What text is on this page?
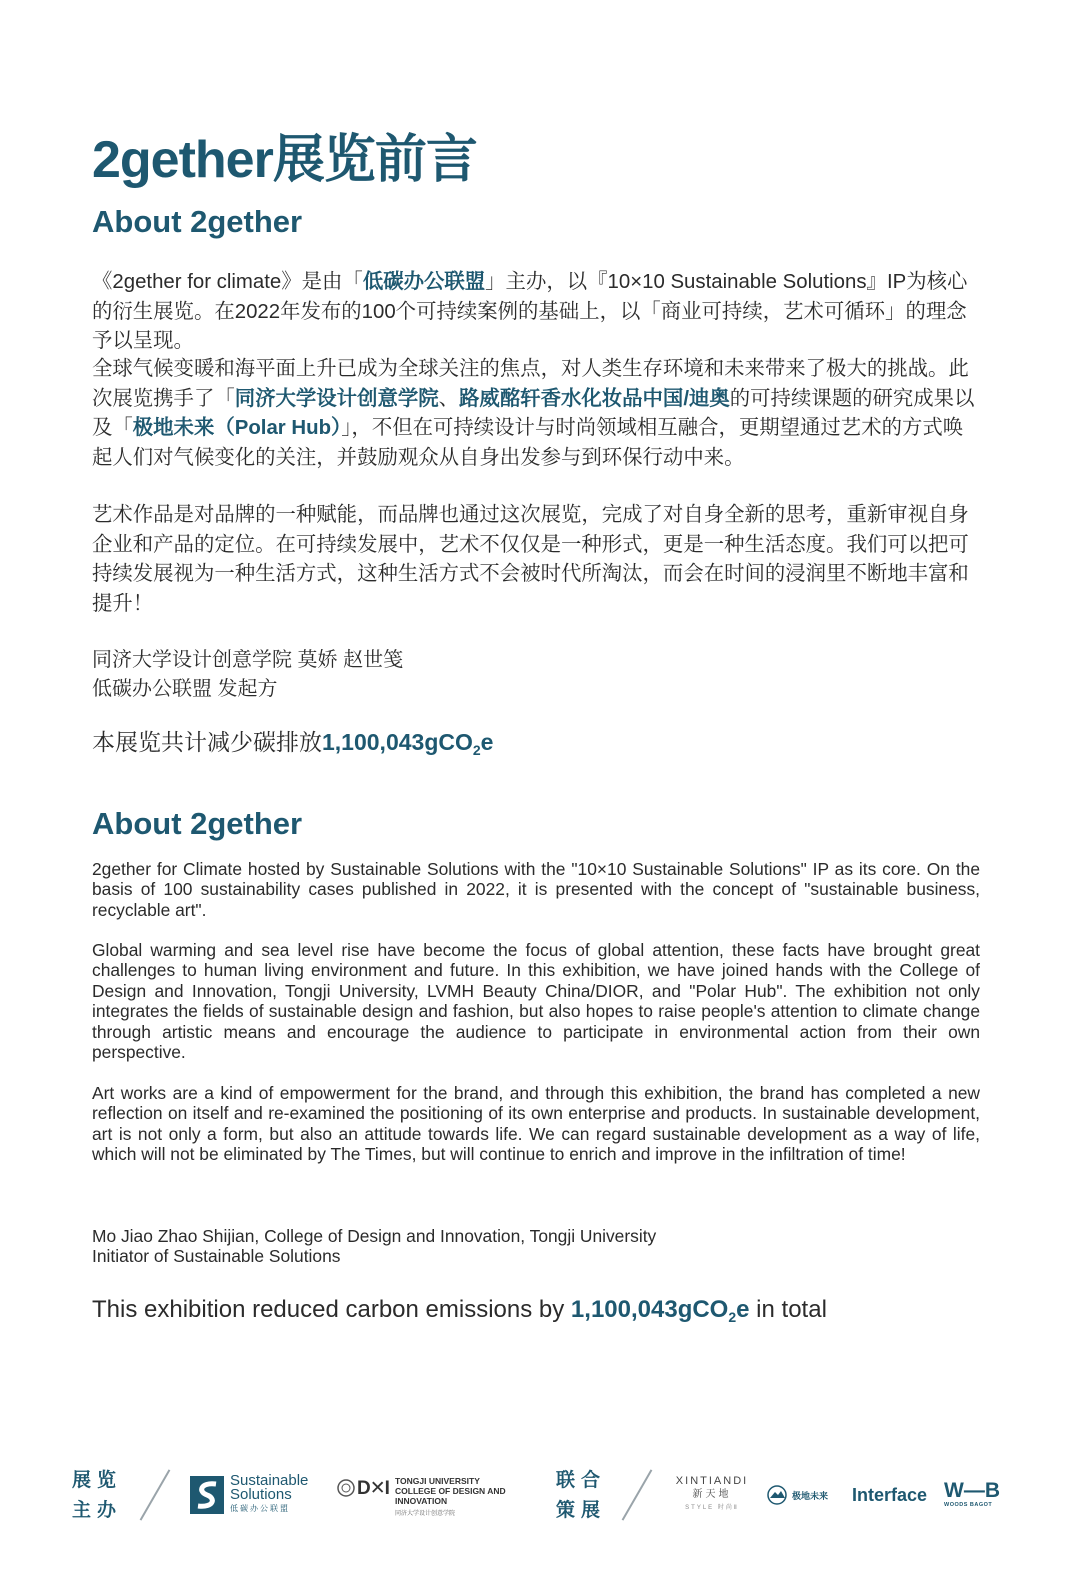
2gether展览前言
About 2gether

《2gether for climate》是由「低碳办公联盟」主办，以『10×10 Sustainable Solutions』IP为核心的衍生展览。在2022年发布的100个可持续案例的基础上，以「商业可持续，艺术可循环」的理念予以呈现。

全球气候变暖和海平面上升已成为全球关注的焦点，对人类生存环境和未来带来了极大的挑战。此次展览携手了「同济大学设计创意学院、路威酩轩香水化妆品中国/迪奥的可持续课题的研究成果以及「极地未来（Polar Hub）」，不但在可持续设计与时尚领域相互融合，更期望通过艺术的方式唤起人们对气候变化的关注，并鼓励观众从自身出发参与到环保行动中来。

艺术作品是对品牌的一种赋能，而品牌也通过这次展览，完成了对自身全新的思考，重新审视自身企业和产品的定位。在可持续发展中，艺术不仅仅是一种形式，更是一种生活态度。我们可以把可持续发展视为一种生活方式，这种生活方式不会被时代所淘汰，而会在时间的浸润里不断地丰富和提升！

同济大学设计创意学院 莫娇 赵世笺

低碳办公联盟 发起方

本展览共计减少碳排放1,100,043gCO$_2$e

About 2gether

2gether for Climate hosted by Sustainable Solutions with the "10×10 Sustainable Solutions" IP as its core. On the basis of 100 sustainability cases published in 2022, it is presented with the concept of "sustainable business, recyclable art".

Global warming and sea level rise have become the focus of global attention, these facts have brought great challenges to human living environment and future. In this exhibition, we have joined hands with the College of Design and Innovation, Tongji University, LVMH Beauty China/DIOR, and "Polar Hub". The exhibition not only integrates the fields of sustainable design and fashion, but also hopes to raise people's attention to climate change through artistic means and encourage the audience to participate in environmental action from their own perspective.

Art works are a kind of empowerment for the brand, and through this exhibition, the brand has completed a new reflection on itself and re-examined the positioning of its own enterprise and products. In sustainable development, art is not only a form, but also an attitude towards life. We can regard sustainable development as a way of life, which will not be eliminated by The Times, but will continue to enrich and improve in the infiltration of time!

Mo Jiao Zhao Shijian, College of Design and Innovation, Tongji University

Initiator of Sustainable Solutions

This exhibition reduced carbon emissions by 1,100,043gCO$_2$e in total

展览
主办
Sustainable
Solutions
低碳办公联盟
D✕I TONGJI UNIVERSITY
COLLEGE OF DESIGN AND
INNOVATION
同济大学设计创意学院
联合
策展
XINTIANDI
新天地
STYLE 时尚Ⅱ
极地未来 Interface W—B
WOODS BAGOT
